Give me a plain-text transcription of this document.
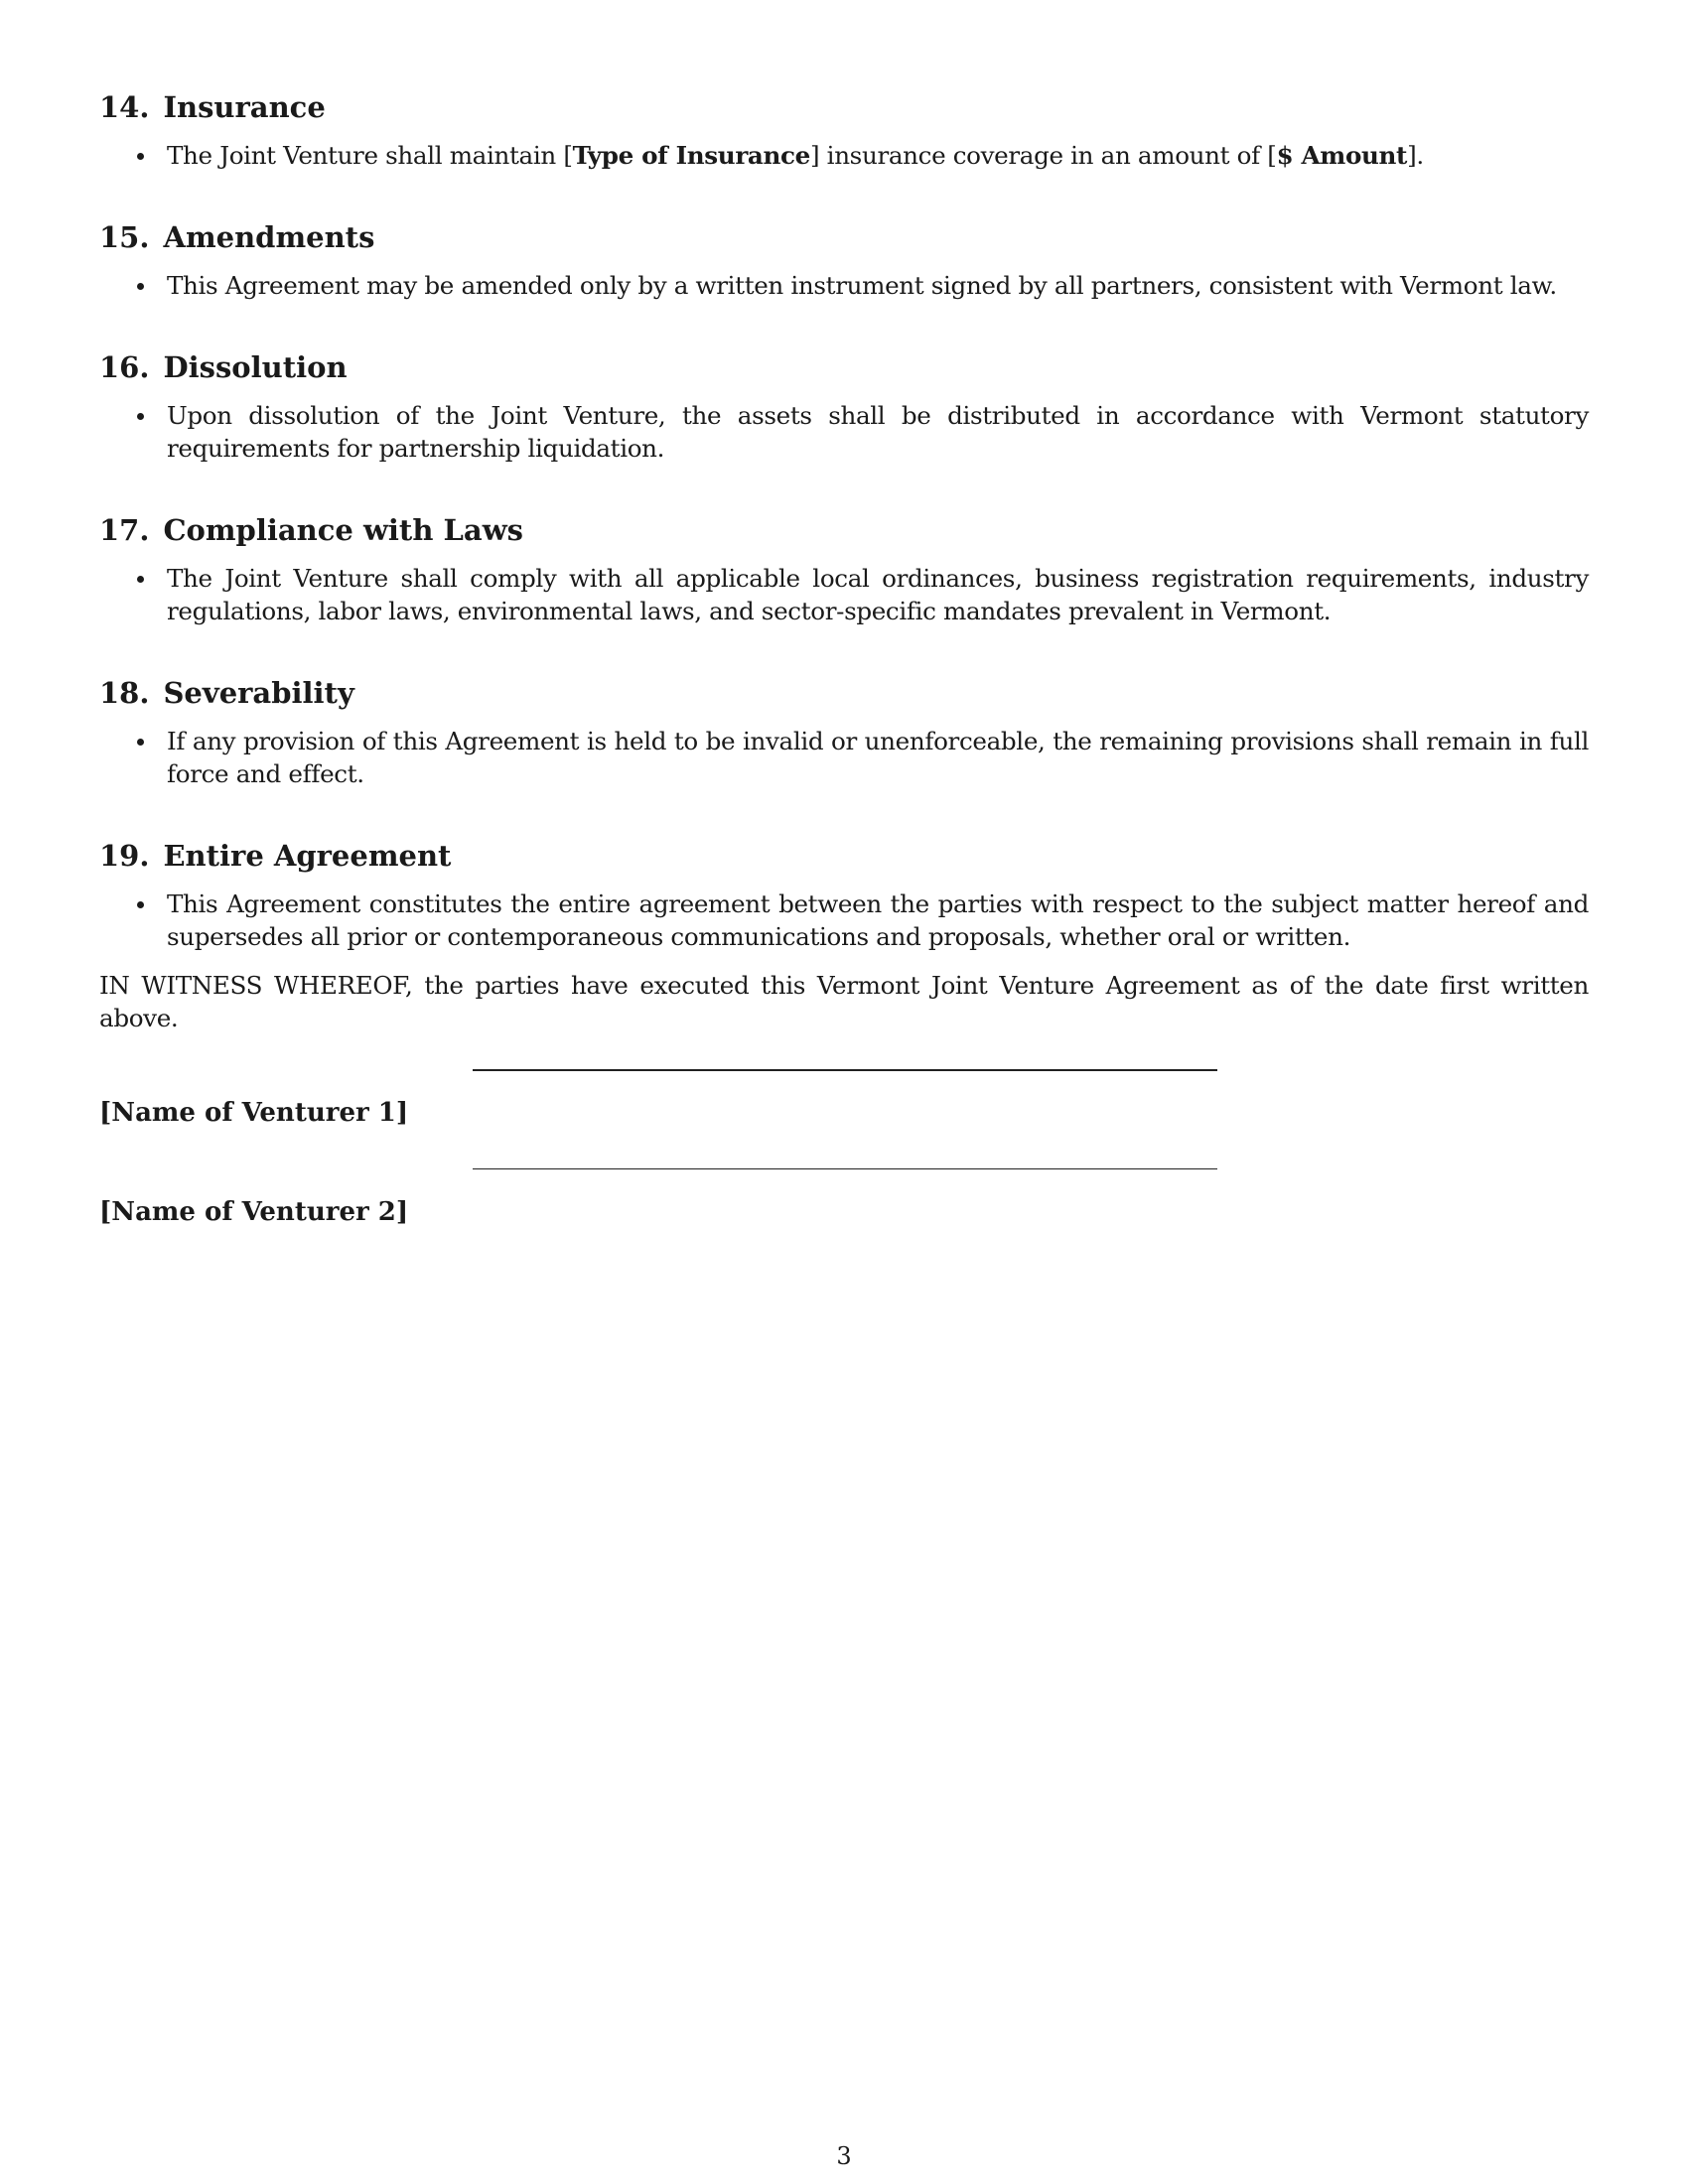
14. Insurance
The Joint Venture shall maintain [Type of Insurance] insurance coverage in an amount of [$ Amount].
15. Amendments
This Agreement may be amended only by a written instrument signed by all partners, consistent with Vermont law.
16. Dissolution
Upon dissolution of the Joint Venture, the assets shall be distributed in accordance with Vermont statutory requirements for partnership liquidation.
17. Compliance with Laws
The Joint Venture shall comply with all applicable local ordinances, business registration requirements, industry regulations, labor laws, environmental laws, and sector-specific mandates prevalent in Vermont.
18. Severability
If any provision of this Agreement is held to be invalid or unenforceable, the remaining provisions shall remain in full force and effect.
19. Entire Agreement
This Agreement constitutes the entire agreement between the parties with respect to the subject matter hereof and supersedes all prior or contemporaneous communications and proposals, whether oral or written.
IN WITNESS WHEREOF, the parties have executed this Vermont Joint Venture Agreement as of the date first written above.
[Name of Venturer 1]
[Name of Venturer 2]
3
